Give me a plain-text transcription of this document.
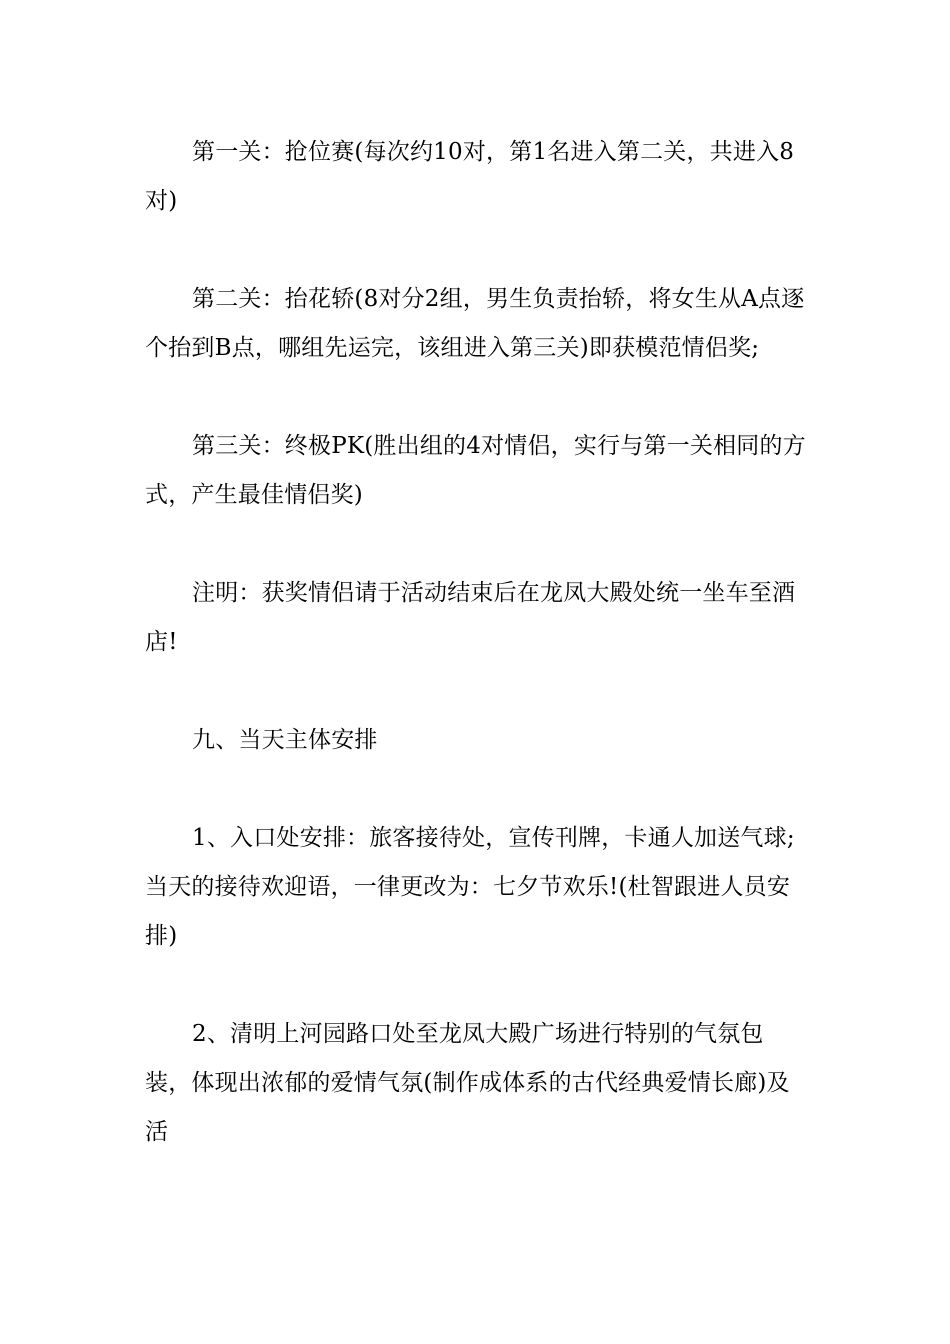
第一关：抢位赛(每次约10对，第1名进入第二关，共进入8对)

第二关：抬花轿(8对分2组，男生负责抬轿，将女生从A点逐个抬到B点，哪组先运完，该组进入第三关)即获模范情侣奖;

第三关：终极PK(胜出组的4对情侣，实行与第一关相同的方式，产生最佳情侣奖)

注明：获奖情侣请于活动结束后在龙凤大殿处统一坐车至酒店!

九、当天主体安排

1、入口处安排：旅客接待处，宣传刊牌，卡通人加送气球;当天的接待欢迎语，一律更改为：七夕节欢乐!(杜智跟进人员安排)

2、清明上河园路口处至龙凤大殿广场进行特别的气氛包装，体现出浓郁的爱情气氛(制作成体系的古代经典爱情长廊)及活
